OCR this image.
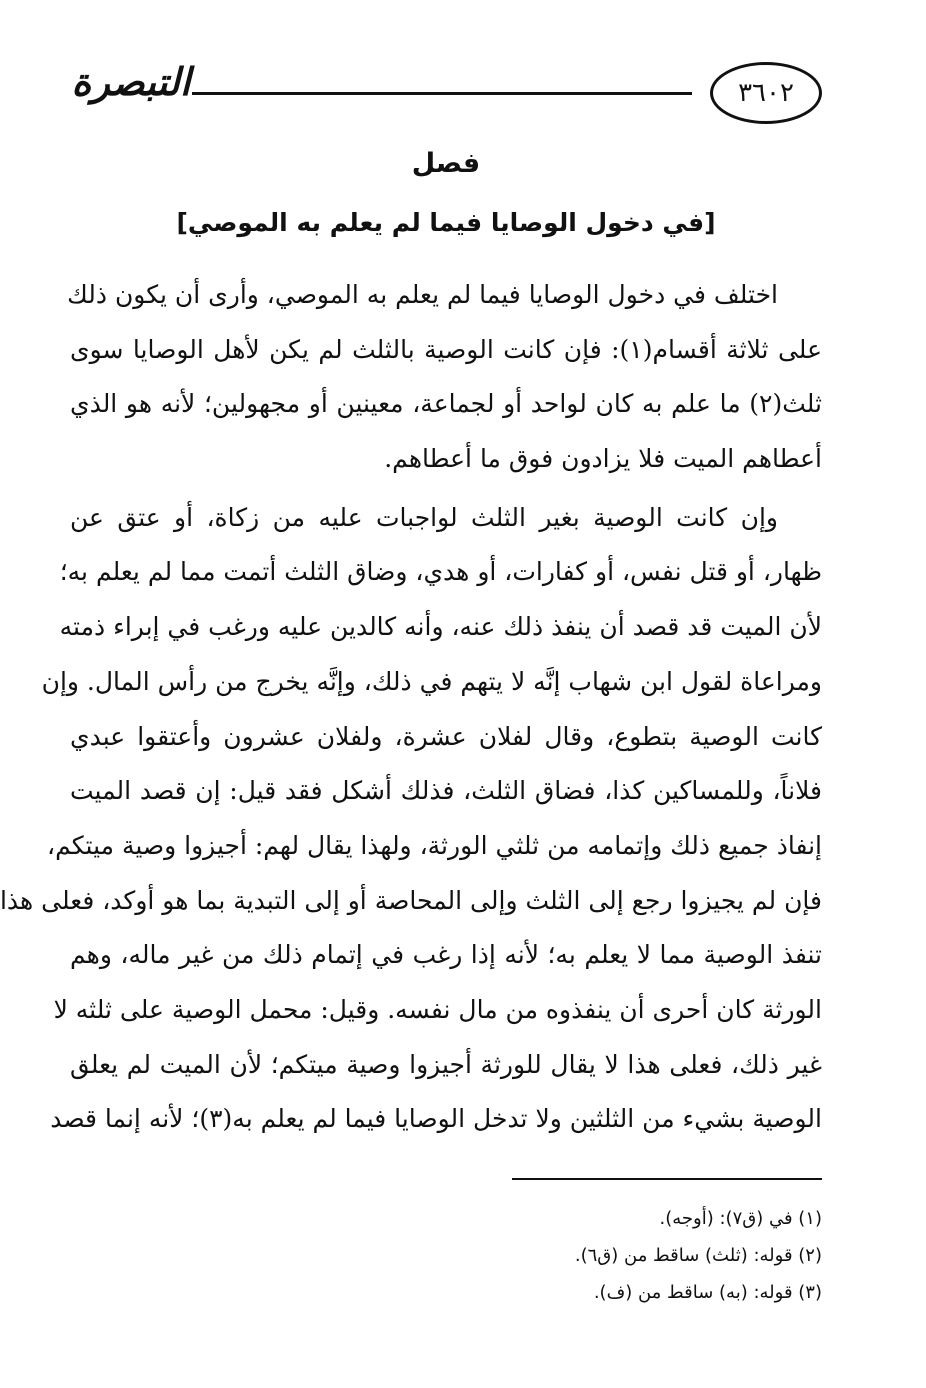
التبصرة	٣٦٠٢
فصل
[في دخول الوصايا فيما لم يعلم به الموصي]
اختلف في دخول الوصايا فيما لم يعلم به الموصي، وأرى أن يكون ذلك
على ثلاثة أقسام(١): فإن كانت الوصية بالثلث لم يكن لأهل الوصايا سوى
ثلث(٢) ما علم به كان لواحد أو لجماعة، معينين أو مجهولين؛ لأنه هو الذي
أعطاهم الميت فلا يزادون فوق ما أعطاهم.
وإن كانت الوصية بغير الثلث لواجبات عليه من زكاة، أو عتق عن
ظهار، أو قتل نفس، أو كفارات، أو هدي، وضاق الثلث أتمت مما لم يعلم به؛
لأن الميت قد قصد أن ينفذ ذلك عنه، وأنه كالدين عليه ورغب في إبراء ذمته
ومراعاة لقول ابن شهاب إنَّه لا يتهم في ذلك، وإنَّه يخرج من رأس المال. وإن
كانت الوصية بتطوع، وقال لفلان عشرة، ولفلان عشرون وأعتقوا عبدي
فلاناً، وللمساكين كذا، فضاق الثلث، فذلك أشكل فقد قيل: إن قصد الميت
إنفاذ جميع ذلك وإتمامه من ثلثي الورثة، ولهذا يقال لهم: أجيزوا وصية ميتكم،
فإن لم يجيزوا رجع إلى الثلث وإلى المحاصة أو إلى التبدية بما هو أوكد، فعلى هذا
تنفذ الوصية مما لا يعلم به؛ لأنه إذا رغب في إتمام ذلك من غير ماله، وهم
الورثة كان أحرى أن ينفذوه من مال نفسه. وقيل: محمل الوصية على ثلثه لا
غير ذلك، فعلى هذا لا يقال للورثة أجيزوا وصية ميتكم؛ لأن الميت لم يعلق
الوصية بشيء من الثلثين ولا تدخل الوصايا فيما لم يعلم به(٣)؛ لأنه إنما قصد
(١) في (ق٧): (أوجه).
(٢) قوله: (ثلث) ساقط من (ق٦).
(٣) قوله: (به) ساقط من (ف).
